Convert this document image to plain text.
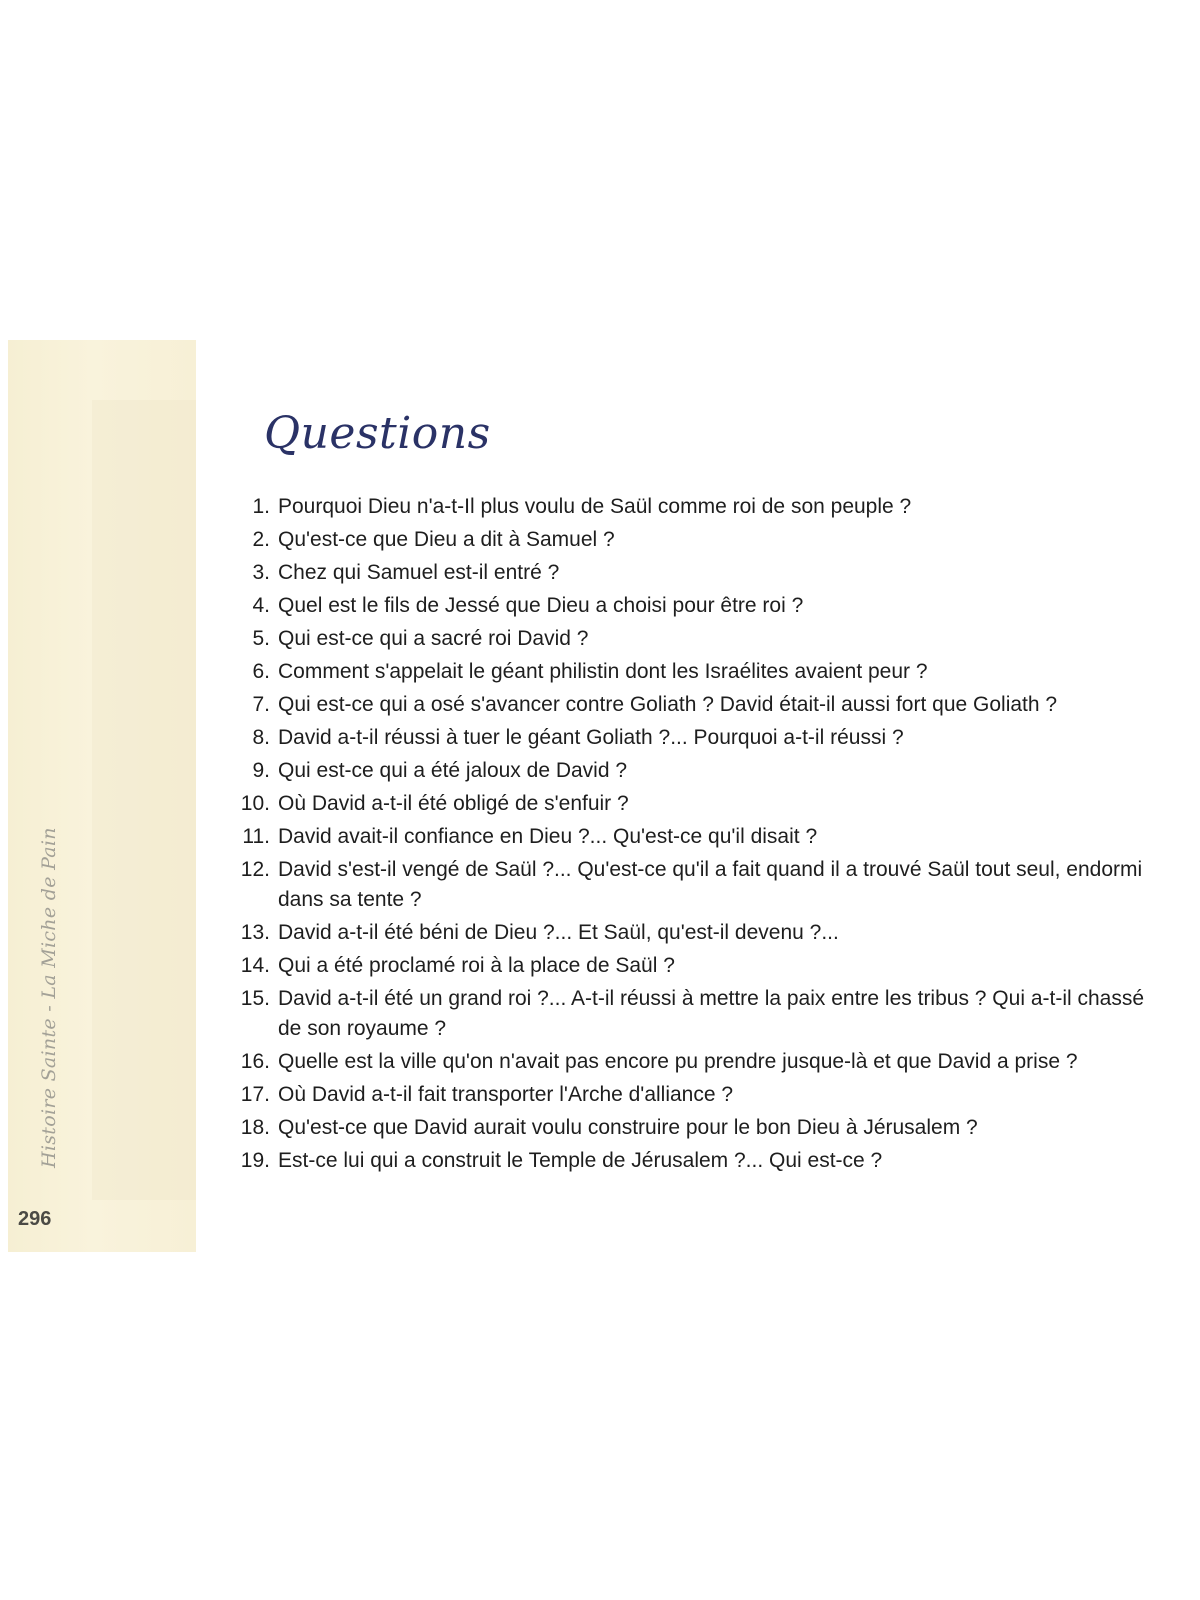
Histoire Sainte - La Miche de Pain
296
Questions
1. Pourquoi Dieu n'a-t-Il plus voulu de Saül comme roi de son peuple ?
2. Qu'est-ce que Dieu a dit à Samuel ?
3. Chez qui Samuel est-il entré ?
4. Quel est le fils de Jessé que Dieu a choisi pour être roi ?
5. Qui est-ce qui a sacré roi David ?
6. Comment s'appelait le géant philistin dont les Israélites avaient peur ?
7. Qui est-ce qui a osé s'avancer contre Goliath ? David était-il aussi fort que Goliath ?
8. David a-t-il réussi à tuer le géant Goliath ?... Pourquoi a-t-il réussi ?
9. Qui est-ce qui a été jaloux de David ?
10. Où David a-t-il été obligé de s'enfuir ?
11. David avait-il confiance en Dieu ?... Qu'est-ce qu'il disait ?
12. David s'est-il vengé de Saül ?... Qu'est-ce qu'il a fait quand il a trouvé Saül tout seul, endormi dans sa tente ?
13. David a-t-il été béni de Dieu ?... Et Saül, qu'est-il devenu ?...
14. Qui a été proclamé roi à la place de Saül ?
15. David a-t-il été un grand roi ?... A-t-il réussi à mettre la paix entre les tribus ? Qui a-t-il chassé de son royaume ?
16. Quelle est la ville qu'on n'avait pas encore pu prendre jusque-là et que David a prise ?
17. Où David a-t-il fait transporter l'Arche d'alliance ?
18. Qu'est-ce que David aurait voulu construire pour le bon Dieu à Jérusalem ?
19. Est-ce lui qui a construit le Temple de Jérusalem ?... Qui est-ce ?
